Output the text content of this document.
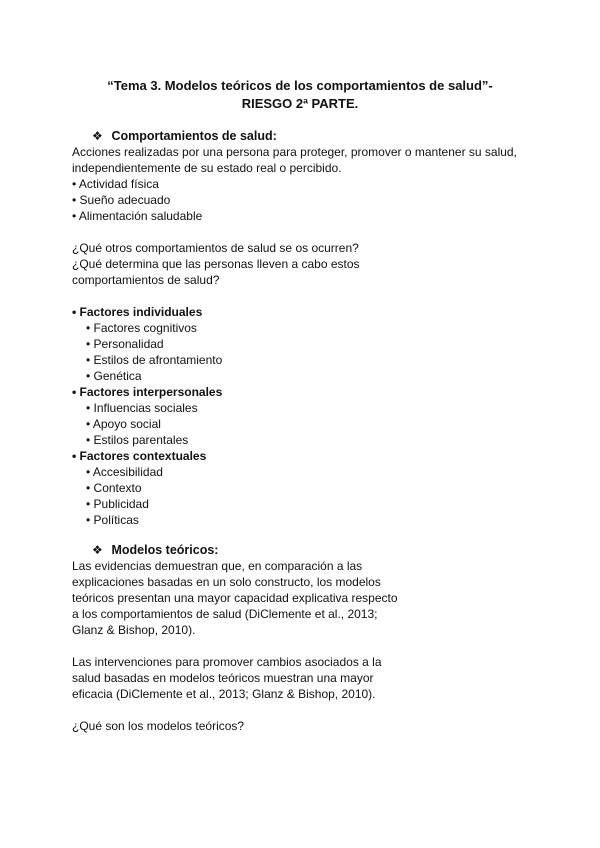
“Tema 3. Modelos teóricos de los comportamientos de salud”-
RIESGO 2ª PARTE.
❖ Comportamientos de salud:
Acciones realizadas por una persona para proteger, promover o mantener su salud,
independientemente de su estado real o percibido.
• Actividad física
• Sueño adecuado
• Alimentación saludable
¿Qué otros comportamientos de salud se os ocurren?
¿Qué determina que las personas lleven a cabo estos
comportamientos de salud?
• Factores individuales
• Factores cognitivos
• Personalidad
• Estilos de afrontamiento
• Genética
• Factores interpersonales
• Influencias sociales
• Apoyo social
• Estilos parentales
• Factores contextuales
• Accesibilidad
• Contexto
• Publicidad
• Políticas
❖ Modelos teóricos:
Las evidencias demuestran que, en comparación a las
explicaciones basadas en un solo constructo, los modelos
teóricos presentan una mayor capacidad explicativa respecto
a los comportamientos de salud (DiClemente et al., 2013;
Glanz & Bishop, 2010).
Las intervenciones para promover cambios asociados a la
salud basadas en modelos teóricos muestran una mayor
eficacia (DiClemente et al., 2013; Glanz & Bishop, 2010).
¿Qué son los modelos teóricos?
